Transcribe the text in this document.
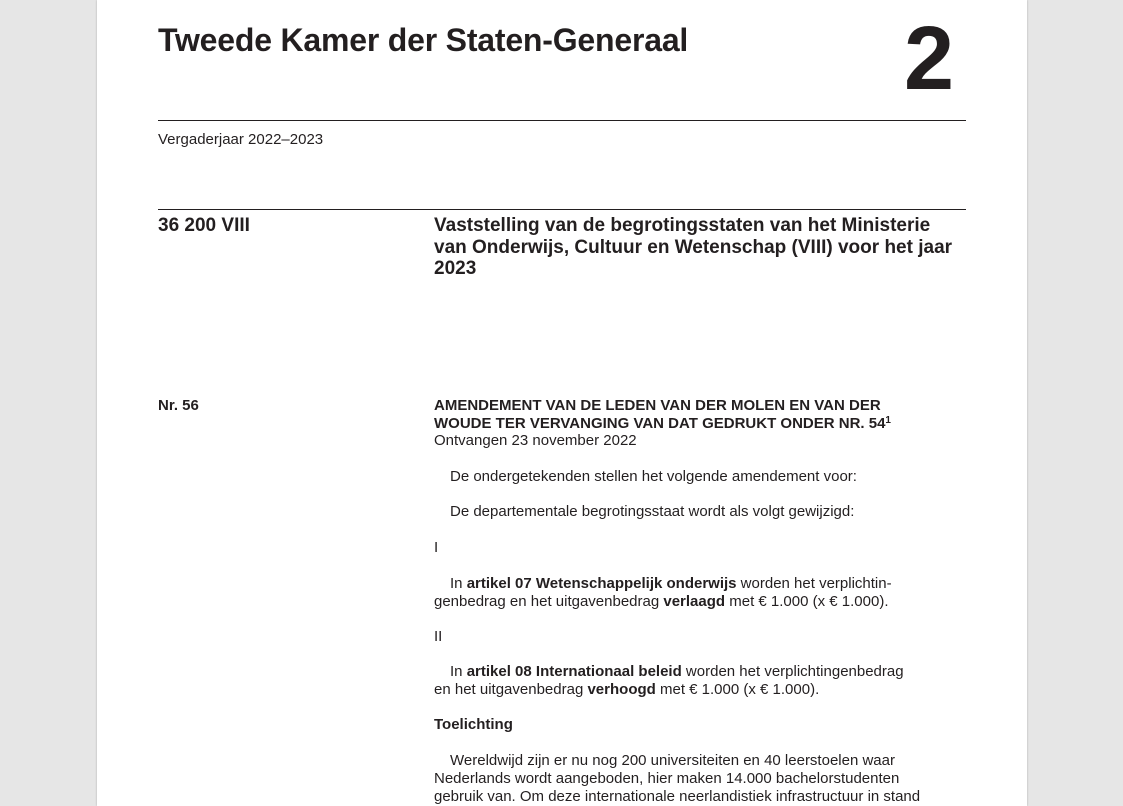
Tweede Kamer der Staten-Generaal 2
Vergaderjaar 2022–2023
36 200 VIII	Vaststelling van de begrotingsstaten van het Ministerie van Onderwijs, Cultuur en Wetenschap (VIII) voor het jaar 2023
Nr. 56	AMENDEMENT VAN DE LEDEN VAN DER MOLEN EN VAN DER
WOUDE TER VERVANGING VAN DAT GEDRUKT ONDER NR. $54^1$
Ontvangen 23 november 2022
De ondergetekenden stellen het volgende amendement voor:
De departementale begrotingsstaat wordt als volgt gewijzigd:
I
In artikel 07 Wetenschappelijk onderwijs worden het verplichtin-
genbedrag en het uitgavenbedrag verlaagd met € 1.000 (x € 1.000).
II
In artikel 08 Internationaal beleid worden het verplichtingenbedrag
en het uitgavenbedrag verhoogd met € 1.000 (x € 1.000).
Toelichting
Wereldwijd zijn er nu nog 200 universiteiten en 40 leerstoelen waar
Nederlands wordt aangeboden, hier maken 14.000 bachelorstudenten
gebruik van. Om deze internationale neerlandistiek infrastructuur in stand
